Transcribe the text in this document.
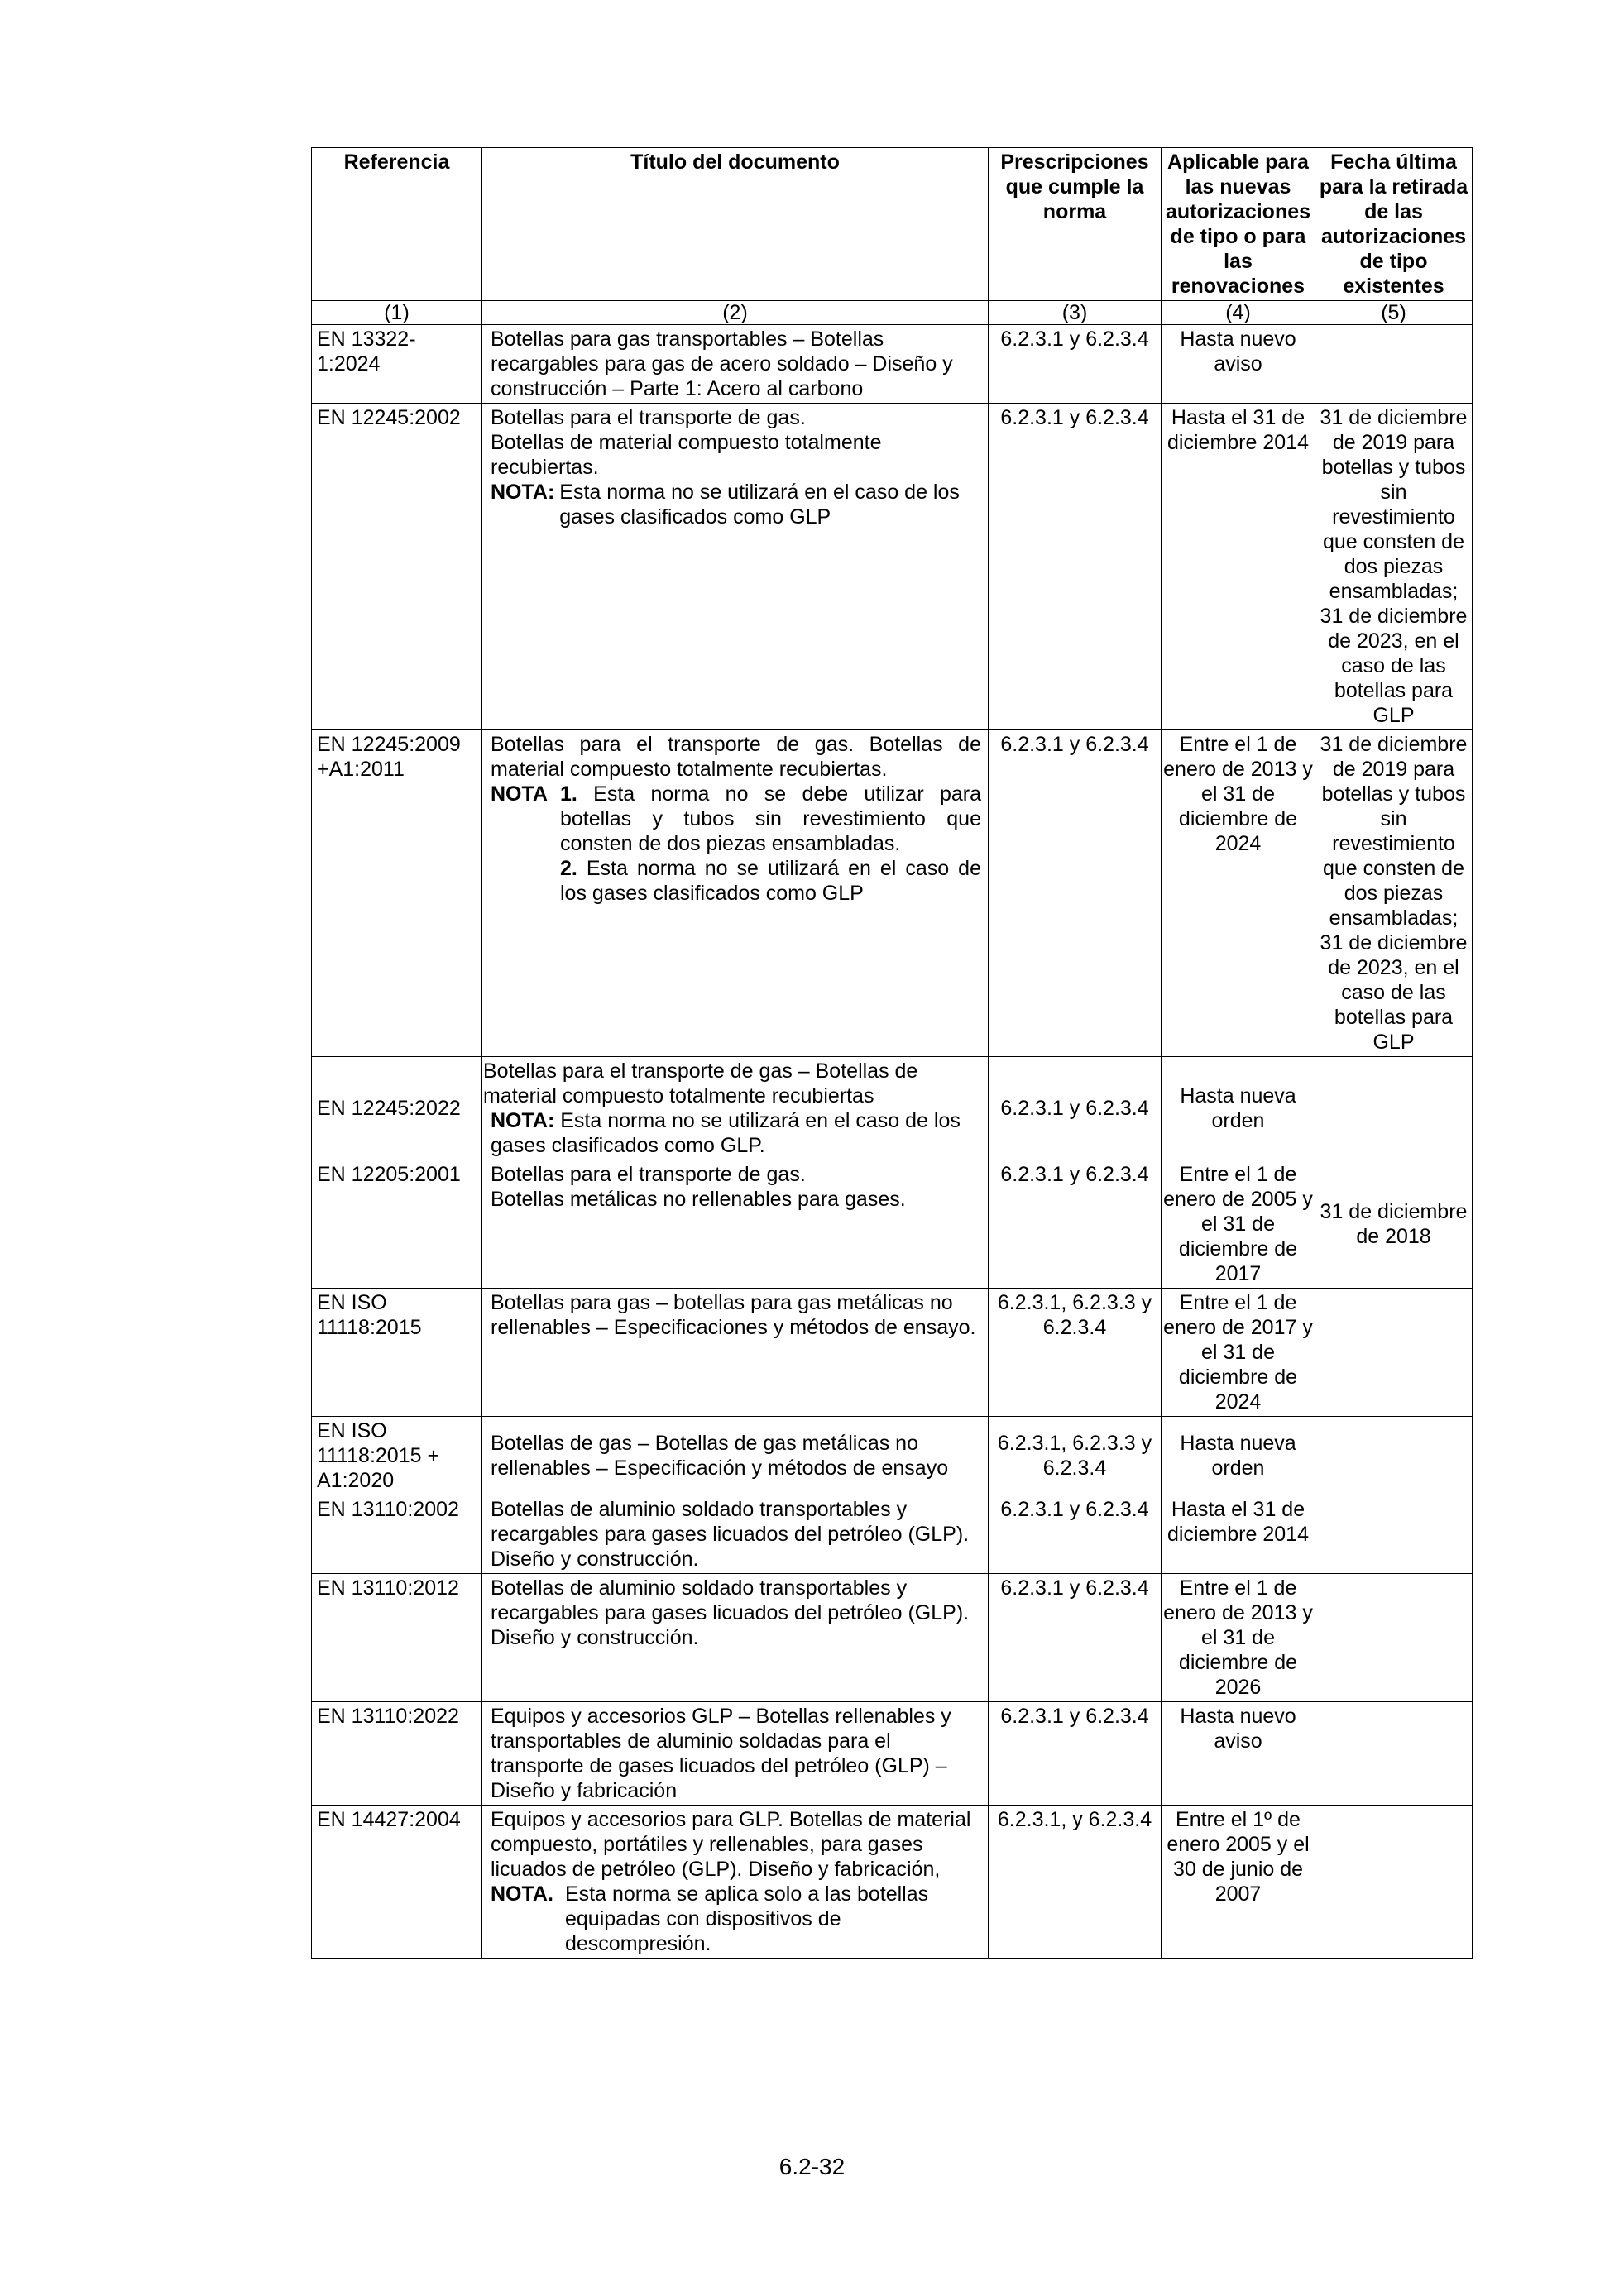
Referencia	Título del documento	Prescripciones que cumple la norma	Aplicable para las nuevas autorizaciones de tipo o para las renovaciones	Fecha última para la retirada de las autorizaciones de tipo existentes
(1)	(2)	(3)	(4)	(5)
EN 13322-1:2024	Botellas para gas transportables – Botellas recargables para gas de acero soldado – Diseño y construcción – Parte 1: Acero al carbono	6.2.3.1 y 6.2.3.4	Hasta nuevo aviso	
EN 12245:2002	Botellas para el transporte de gas.
Botellas de material compuesto totalmente recubiertas.
NOTA: Esta norma no se utilizará en el caso de los gases clasificados como GLP	6.2.3.1 y 6.2.3.4	Hasta el 31 de diciembre 2014	31 de diciembre de 2019 para botellas y tubos sin revestimiento que consten de dos piezas ensambladas; 31 de diciembre de 2023, en el caso de las botellas para GLP
EN 12245:2009 +A1:2011	Botellas para el transporte de gas. Botellas de material compuesto totalmente recubiertas.
NOTA 1. Esta norma no se debe utilizar para botellas y tubos sin revestimiento que consten de dos piezas ensambladas.
2. Esta norma no se utilizará en el caso de los gases clasificados como GLP	6.2.3.1 y 6.2.3.4	Entre el 1 de enero de 2013 y el 31 de diciembre de 2024	31 de diciembre de 2019 para botellas y tubos sin revestimiento que consten de dos piezas ensambladas; 31 de diciembre de 2023, en el caso de las botellas para GLP
EN 12245:2022	Botellas para el transporte de gas – Botellas de material compuesto totalmente recubiertas
NOTA: Esta norma no se utilizará en el caso de los gases clasificados como GLP.	6.2.3.1 y 6.2.3.4	Hasta nueva orden	
EN 12205:2001	Botellas para el transporte de gas.
Botellas metálicas no rellenables para gases.	6.2.3.1 y 6.2.3.4	Entre el 1 de enero de 2005 y el 31 de diciembre de 2017	31 de diciembre de 2018
EN ISO 11118:2015	Botellas para gas – botellas para gas metálicas no rellenables – Especificaciones y métodos de ensayo.	6.2.3.1, 6.2.3.3 y 6.2.3.4	Entre el 1 de enero de 2017 y el 31 de diciembre de 2024	
EN ISO 11118:2015 + A1:2020	Botellas de gas – Botellas de gas metálicas no rellenables – Especificación y métodos de ensayo	6.2.3.1, 6.2.3.3 y 6.2.3.4	Hasta nueva orden	
EN 13110:2002	Botellas de aluminio soldado transportables y recargables para gases licuados del petróleo (GLP). Diseño y construcción.	6.2.3.1 y 6.2.3.4	Hasta el 31 de diciembre 2014	
EN 13110:2012	Botellas de aluminio soldado transportables y recargables para gases licuados del petróleo (GLP). Diseño y construcción.	6.2.3.1 y 6.2.3.4	Entre el 1 de enero de 2013 y el 31 de diciembre de 2026	
EN 13110:2022	Equipos y accesorios GLP – Botellas rellenables y transportables de aluminio soldadas para el transporte de gases licuados del petróleo (GLP) – Diseño y fabricación	6.2.3.1 y 6.2.3.4	Hasta nuevo aviso	
EN 14427:2004	Equipos y accesorios para GLP. Botellas de material compuesto, portátiles y rellenables, para gases licuados de petróleo (GLP). Diseño y fabricación,
NOTA. Esta norma se aplica solo a las botellas equipadas con dispositivos de descompresión.	6.2.3.1, y 6.2.3.4	Entre el 1º de enero 2005 y el 30 de junio de 2007	
6.2-32
